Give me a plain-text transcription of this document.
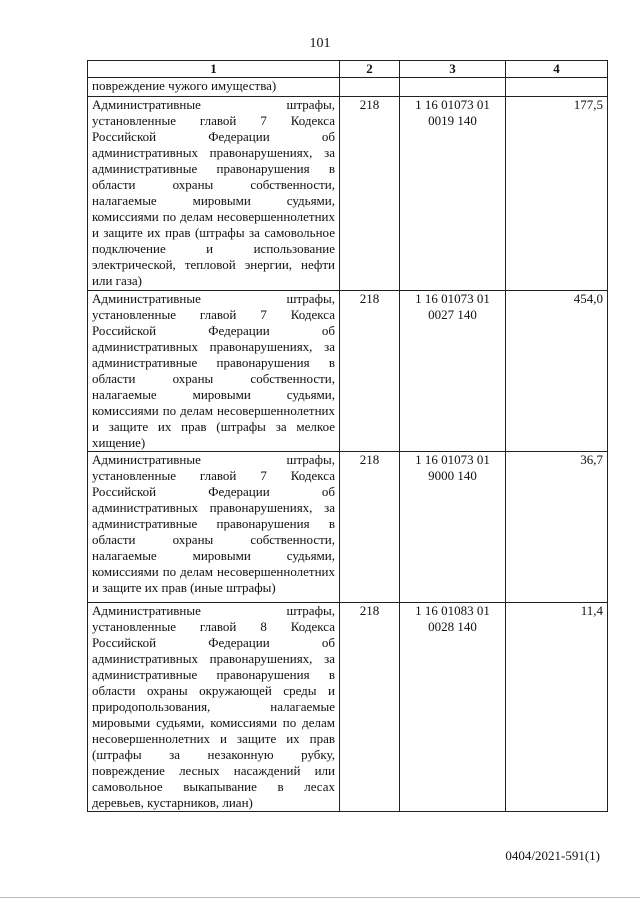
101
1	2	3	4
повреждение чужого имущества)			
Административные штрафы, установленные главой 7 Кодекса Российской Федерации об административных правонарушениях, за административные правонарушения в области охраны собственности, налагаемые мировыми судьями, комиссиями по делам несовершеннолетних и защите их прав (штрафы за самовольное подключение и использование электрической, тепловой энергии, нефти или газа)	218	1 16 01073 01 0019 140	177,5
Административные штрафы, установленные главой 7 Кодекса Российской Федерации об административных правонарушениях, за административные правонарушения в области охраны собственности, налагаемые мировыми судьями, комиссиями по делам несовершеннолетних и защите их прав (штрафы за мелкое хищение)	218	1 16 01073 01 0027 140	454,0
Административные штрафы, установленные главой 7 Кодекса Российской Федерации об административных правонарушениях, за административные правонарушения в области охраны собственности, налагаемые мировыми судьями, комиссиями по делам несовершеннолетних и защите их прав (иные штрафы)	218	1 16 01073 01 9000 140	36,7
Административные штрафы, установленные главой 8 Кодекса Российской Федерации об административных правонарушениях, за административные правонарушения в области охраны окружающей среды и природопользования, налагаемые мировыми судьями, комиссиями по делам несовершеннолетних и защите их прав (штрафы за незаконную рубку, повреждение лесных насаждений или самовольное выкапывание в лесах деревьев, кустарников, лиан)	218	1 16 01083 01 0028 140	11,4
0404/2021-591(1)
